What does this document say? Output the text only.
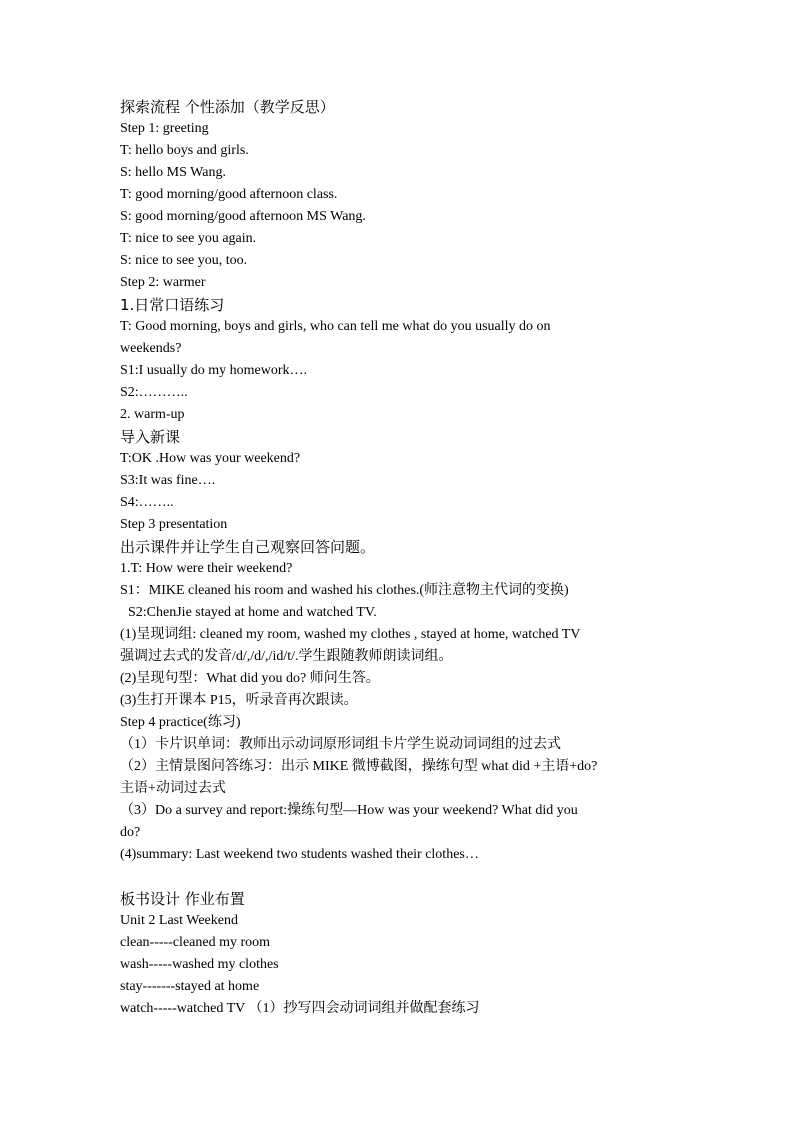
探索流程 个性添加（教学反思）
Step 1: greeting
T: hello boys and girls.
S: hello MS Wang.
T: good morning/good afternoon class.
S: good morning/good afternoon MS Wang.
T: nice to see you again.
S: nice to see you, too.
Step 2: warmer
1.日常口语练习
T: Good morning, boys and girls, who can tell me what do you usually do on
weekends?
S1:I usually do my homework….
S2:………..
2. warm-up
导入新课
T:OK .How was your weekend?
S3:It was fine….
S4:……..
Step 3 presentation
出示课件并让学生自己观察回答问题。
1.T: How were their weekend?
S1：MIKE cleaned his room and washed his clothes.(师注意物主代词的变换)
S2:ChenJie stayed at home and watched TV.
(1)呈现词组: cleaned my room, washed my clothes , stayed at home, watched TV
强调过去式的发音/d/,/d/,/id/t/.学生跟随教师朗读词组。
(2)呈现句型：What did you do? 师问生答。
(3)生打开课本 P15，听录音再次跟读。
Step 4 practice(练习)
（1）卡片识单词：教师出示动词原形词组卡片学生说动词词组的过去式
（2）主情景图问答练习：出示 MIKE 微博截图，操练句型 what did +主语+do?
主语+动词过去式
（3）Do a survey and report:操练句型—How was your weekend? What did you
do?
(4)summary: Last weekend two students washed their clothes…
板书设计 作业布置
Unit 2 Last Weekend
clean-----cleaned my room
wash-----washed my clothes
stay-------stayed at home
watch-----watched TV （1）抄写四会动词词组并做配套练习
